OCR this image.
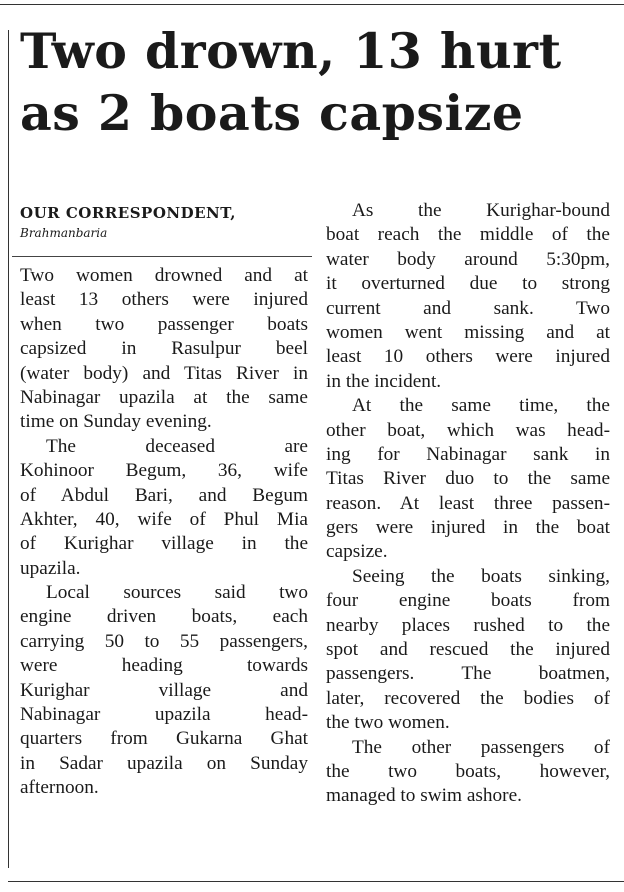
Two drown, 13 hurt
as 2 boats capsize
OUR CORRESPONDENT,
Brahmanbaria
Two women drowned and at
least 13 others were injured
when two passenger boats
capsized in Rasulpur beel
(water body) and Titas River in
Nabinagar upazila at the same
time on Sunday evening.
The deceased are
Kohinoor Begum, 36, wife
of Abdul Bari, and Begum
Akhter, 40, wife of Phul Mia
of Kurighar village in the
upazila.
Local sources said two
engine driven boats, each
carrying 50 to 55 passengers,
were heading towards
Kurighar village and
Nabinagar upazila head-
quarters from Gukarna Ghat
in Sadar upazila on Sunday
afternoon.
As the Kurighar-bound
boat reach the middle of the
water body around 5:30pm,
it overturned due to strong
current and sank. Two
women went missing and at
least 10 others were injured
in the incident.
At the same time, the
other boat, which was head-
ing for Nabinagar sank in
Titas River duo to the same
reason. At least three passen-
gers were injured in the boat
capsize.
Seeing the boats sinking,
four engine boats from
nearby places rushed to the
spot and rescued the injured
passengers. The boatmen,
later, recovered the bodies of
the two women.
The other passengers of
the two boats, however,
managed to swim ashore.
